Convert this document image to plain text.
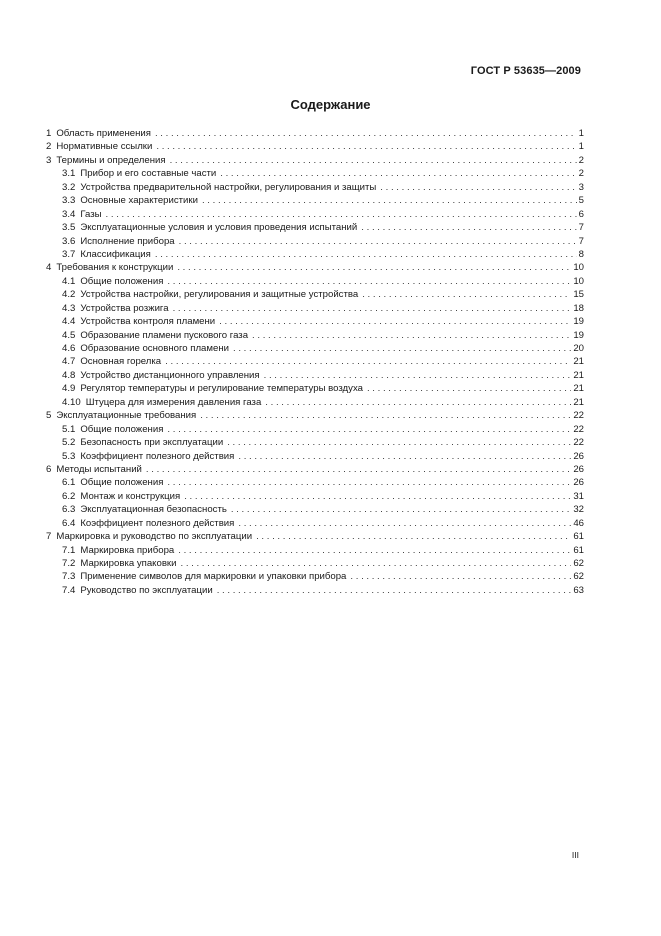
ГОСТ Р 53635—2009
Содержание
1 Область применения . . .	1
2 Нормативные ссылки . . .	1
3 Термины и определения . . .	2
3.1 Прибор и его составные части . . .	2
3.2 Устройства предварительной настройки, регулирования и защиты . . .	3
3.3 Основные характеристики . . .	5
3.4 Газы . . .	6
3.5 Эксплуатационные условия и условия проведения испытаний . . .	7
3.6 Исполнение прибора . . .	7
3.7 Классификация . . .	8
4 Требования к конструкции . . .	10
4.1 Общие положения . . .	10
4.2 Устройства настройки, регулирования и защитные устройства . . .	15
4.3 Устройства розжига . . .	18
4.4 Устройства контроля пламени . . .	19
4.5 Образование пламени пускового газа . . .	19
4.6 Образование основного пламени . . .	20
4.7 Основная горелка . . .	21
4.8 Устройство дистанционного управления . . .	21
4.9 Регулятор температуры и регулирование температуры воздуха . . .	21
4.10 Штуцера для измерения давления газа . . .	21
5 Эксплуатационные требования . . .	22
5.1 Общие положения . . .	22
5.2 Безопасность при эксплуатации . . .	22
5.3 Коэффициент полезного действия . . .	26
6 Методы испытаний . . .	26
6.1 Общие положения . . .	26
6.2 Монтаж и конструкция . . .	31
6.3 Эксплуатационная безопасность . . .	32
6.4 Коэффициент полезного действия . . .	46
7 Маркировка и руководство по эксплуатации . . .	61
7.1 Маркировка прибора . . .	61
7.2 Маркировка упаковки . . .	62
7.3 Применение символов для маркировки и упаковки прибора . . .	62
7.4 Руководство по эксплуатации . . .	63
III
